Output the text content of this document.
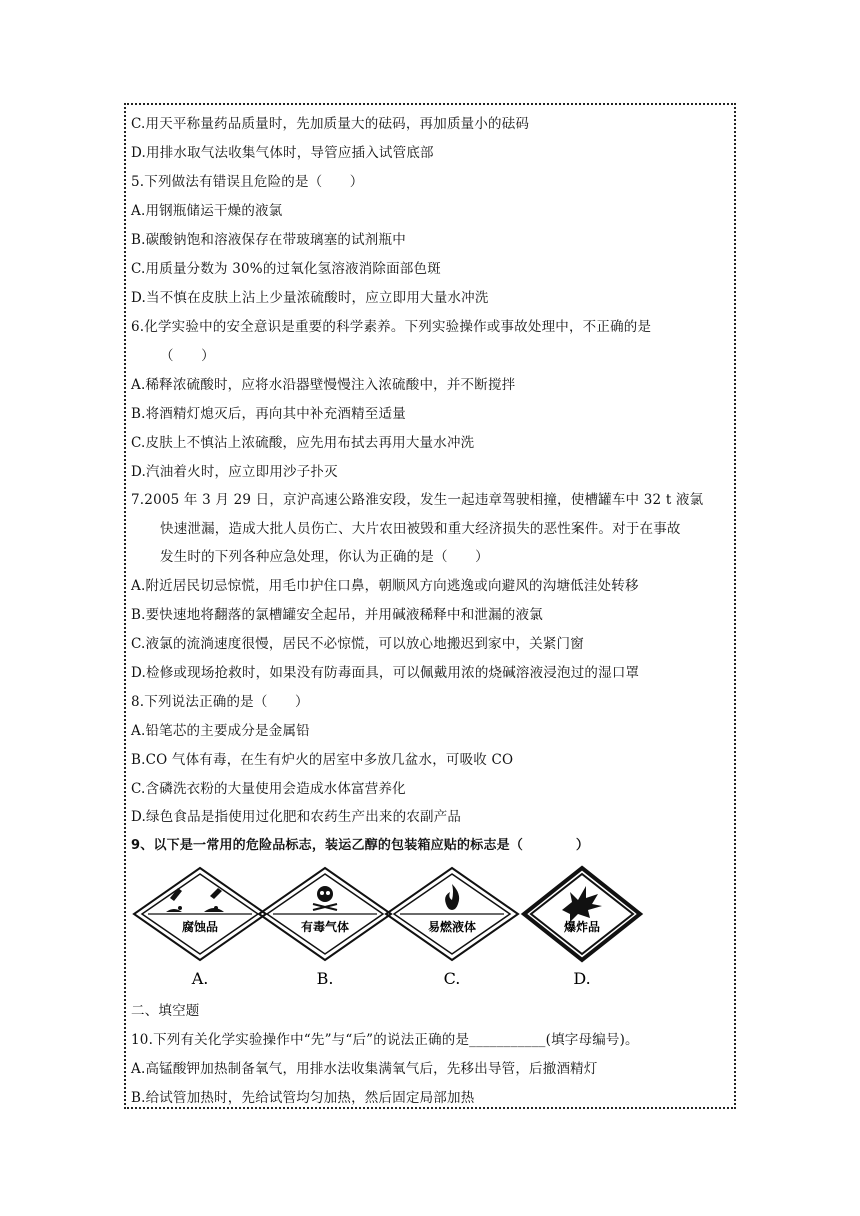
C.用天平称量药品质量时，先加质量大的砝码，再加质量小的砝码
D.用排水取气法收集气体时，导管应插入试管底部
5.下列做法有错误且危险的是（　　）
A.用钢瓶储运干燥的液氯
B.碳酸钠饱和溶液保存在带玻璃塞的试剂瓶中
C.用质量分数为 30%的过氧化氢溶液消除面部色斑
D.当不慎在皮肤上沾上少量浓硫酸时，应立即用大量水冲洗
6.化学实验中的安全意识是重要的科学素养。下列实验操作或事故处理中，不正确的是
（　　）
A.稀释浓硫酸时，应将水沿器壁慢慢注入浓硫酸中，并不断搅拌
B.将酒精灯熄灭后，再向其中补充酒精至适量
C.皮肤上不慎沾上浓硫酸，应先用布拭去再用大量水冲洗
D.汽油着火时，应立即用沙子扑灭
7.2005 年 3 月 29 日，京沪高速公路淮安段，发生一起违章驾驶相撞，使槽罐车中 32 t 液氯
快速泄漏，造成大批人员伤亡、大片农田被毁和重大经济损失的恶性案件。对于在事故
发生时的下列各种应急处理，你认为正确的是（　　）
A.附近居民切忌惊慌，用毛巾护住口鼻，朝顺风方向逃逸或向避风的沟塘低洼处转移
B.要快速地将翻落的氯槽罐安全起吊，并用碱液稀释中和泄漏的液氯
C.液氯的流淌速度很慢，居民不必惊慌，可以放心地搬迟到家中，关紧门窗
D.检修或现场抢救时，如果没有防毒面具，可以佩戴用浓的烧碱溶液浸泡过的湿口罩
8.下列说法正确的是（　　）
A.铅笔芯的主要成分是金属铅
B.CO 气体有毒，在生有炉火的居室中多放几盆水，可吸收 CO
C.含磷洗衣粉的大量使用会造成水体富营养化
D.绿色食品是指使用过化肥和农药生产出来的农副产品
9、以下是一常用的危险品标志，装运乙醇的包装箱应贴的标志是（　　　　）
腐蚀品
A.
有毒气体
B.
易燃液体
C.
爆炸品
D.
二、填空题
10.下列有关化学实验操作中“先”与“后”的说法正确的是___________(填字母编号)。
A.高锰酸钾加热制备氧气，用排水法收集满氧气后，先移出导管，后撤酒精灯
B.给试管加热时，先给试管均匀加热，然后固定局部加热
